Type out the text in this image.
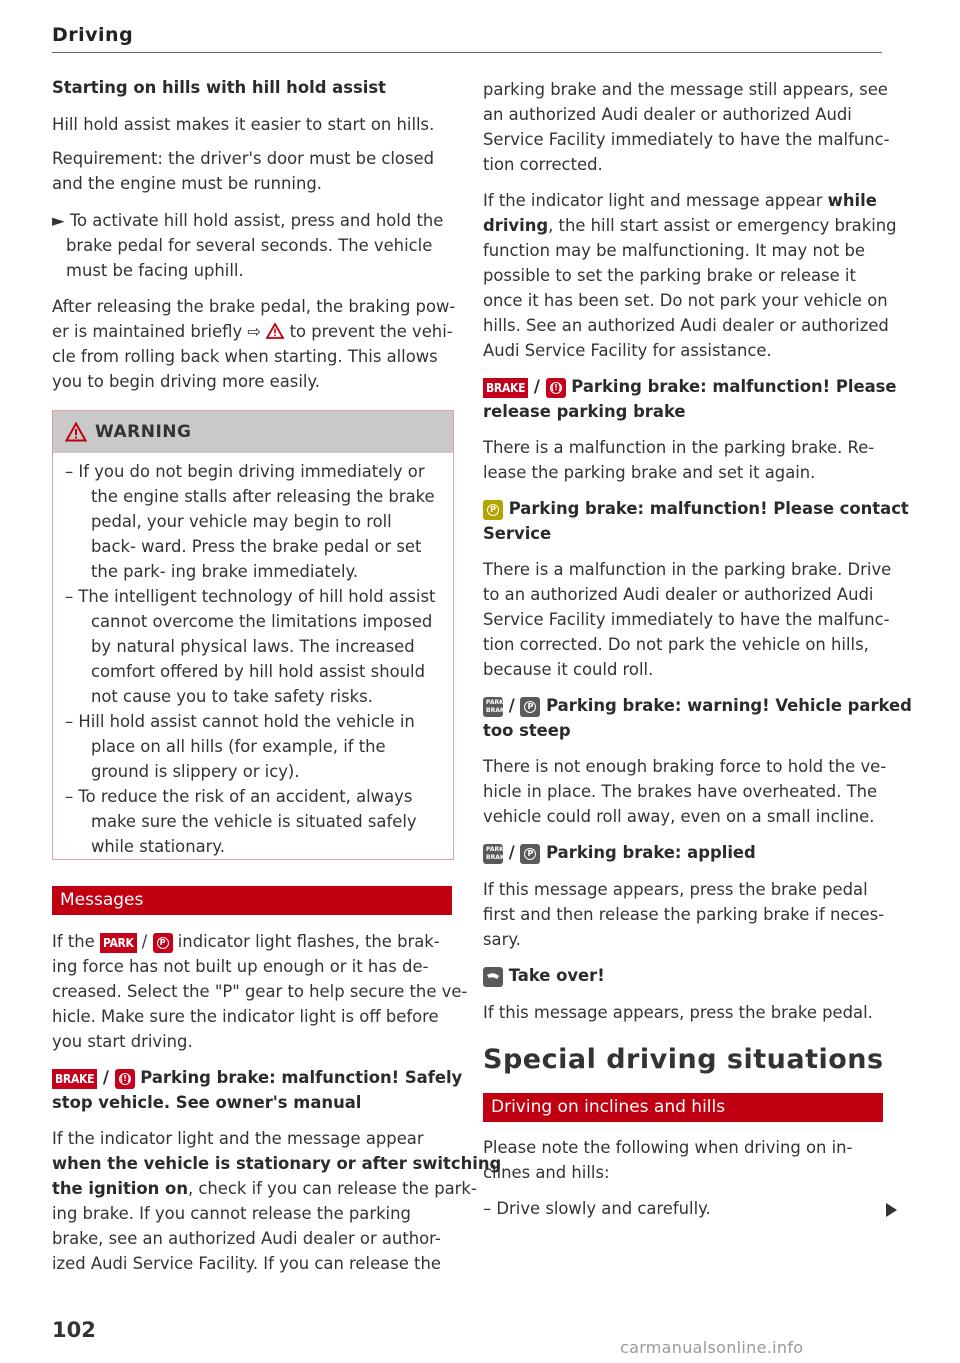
Driving
Starting on hills with hill hold assist

Hill hold assist makes it easier to start on hills.

Requirement: the driver's door must be closed

and the engine must be running.

► To activate hill hold assist, press and hold the

brake pedal for several seconds. The vehicle

must be facing uphill.

After releasing the brake pedal, the braking pow-

er is maintained briefly ⇨  to prevent the vehi-

cle from rolling back when starting. This allows

you to begin driving more easily.

WARNING
– If you do not begin driving immediately or the engine stalls after releasing the brake pedal, your vehicle may begin to roll back- ward. Press the brake pedal or set the park- ing brake immediately.
– The intelligent technology of hill hold assist cannot overcome the limitations imposed by natural physical laws. The increased comfort offered by hill hold assist should not cause you to take safety risks.
– Hill hold assist cannot hold the vehicle in place on all hills (for example, if the ground is slippery or icy).
– To reduce the risk of an accident, always make sure the vehicle is situated safely while stationary.
Messages

If the PARK / P indicator light flashes, the brak-

ing force has not built up enough or it has de-

creased. Select the "P" gear to help secure the ve-

hicle. Make sure the indicator light is off before

you start driving.

BRAKE / (!) Parking brake: malfunction! Safely

stop vehicle. See owner's manual

If the indicator light and the message appear

when the vehicle is stationary or after switching

the ignition on, check if you can release the park-

ing brake. If you cannot release the parking

brake, see an authorized Audi dealer or author-

ized Audi Service Facility. If you can release the

102

parking brake and the message still appears, see

an authorized Audi dealer or authorized Audi

Service Facility immediately to have the malfunc-

tion corrected.

If the indicator light and message appear while

driving, the hill start assist or emergency braking

function may be malfunctioning. It may not be

possible to set the parking brake or release it

once it has been set. Do not park your vehicle on

hills. See an authorized Audi dealer or authorized

Audi Service Facility for assistance.

BRAKE / (!) Parking brake: malfunction! Please

release parking brake

There is a malfunction in the parking brake. Re-

lease the parking brake and set it again.

P Parking brake: malfunction! Please contact

Service

There is a malfunction in the parking brake. Drive

to an authorized Audi dealer or authorized Audi

Service Facility immediately to have the malfunc-

tion corrected. Do not park the vehicle on hills,

because it could roll.

PARK BRAKE
/ P Parking brake: warning! Vehicle parked

too steep

There is not enough braking force to hold the ve-

hicle in place. The brakes have overheated. The

vehicle could roll away, even on a small incline.

PARK BRAKE
/ P Parking brake: applied

If this message appears, press the brake pedal

first and then release the parking brake if neces-

sary.

Take over!

If this message appears, press the brake pedal.

Special driving situations
Driving on inclines and hills

Please note the following when driving on in-

clines and hills:

– Drive slowly and carefully.

carmanualsonline.info
